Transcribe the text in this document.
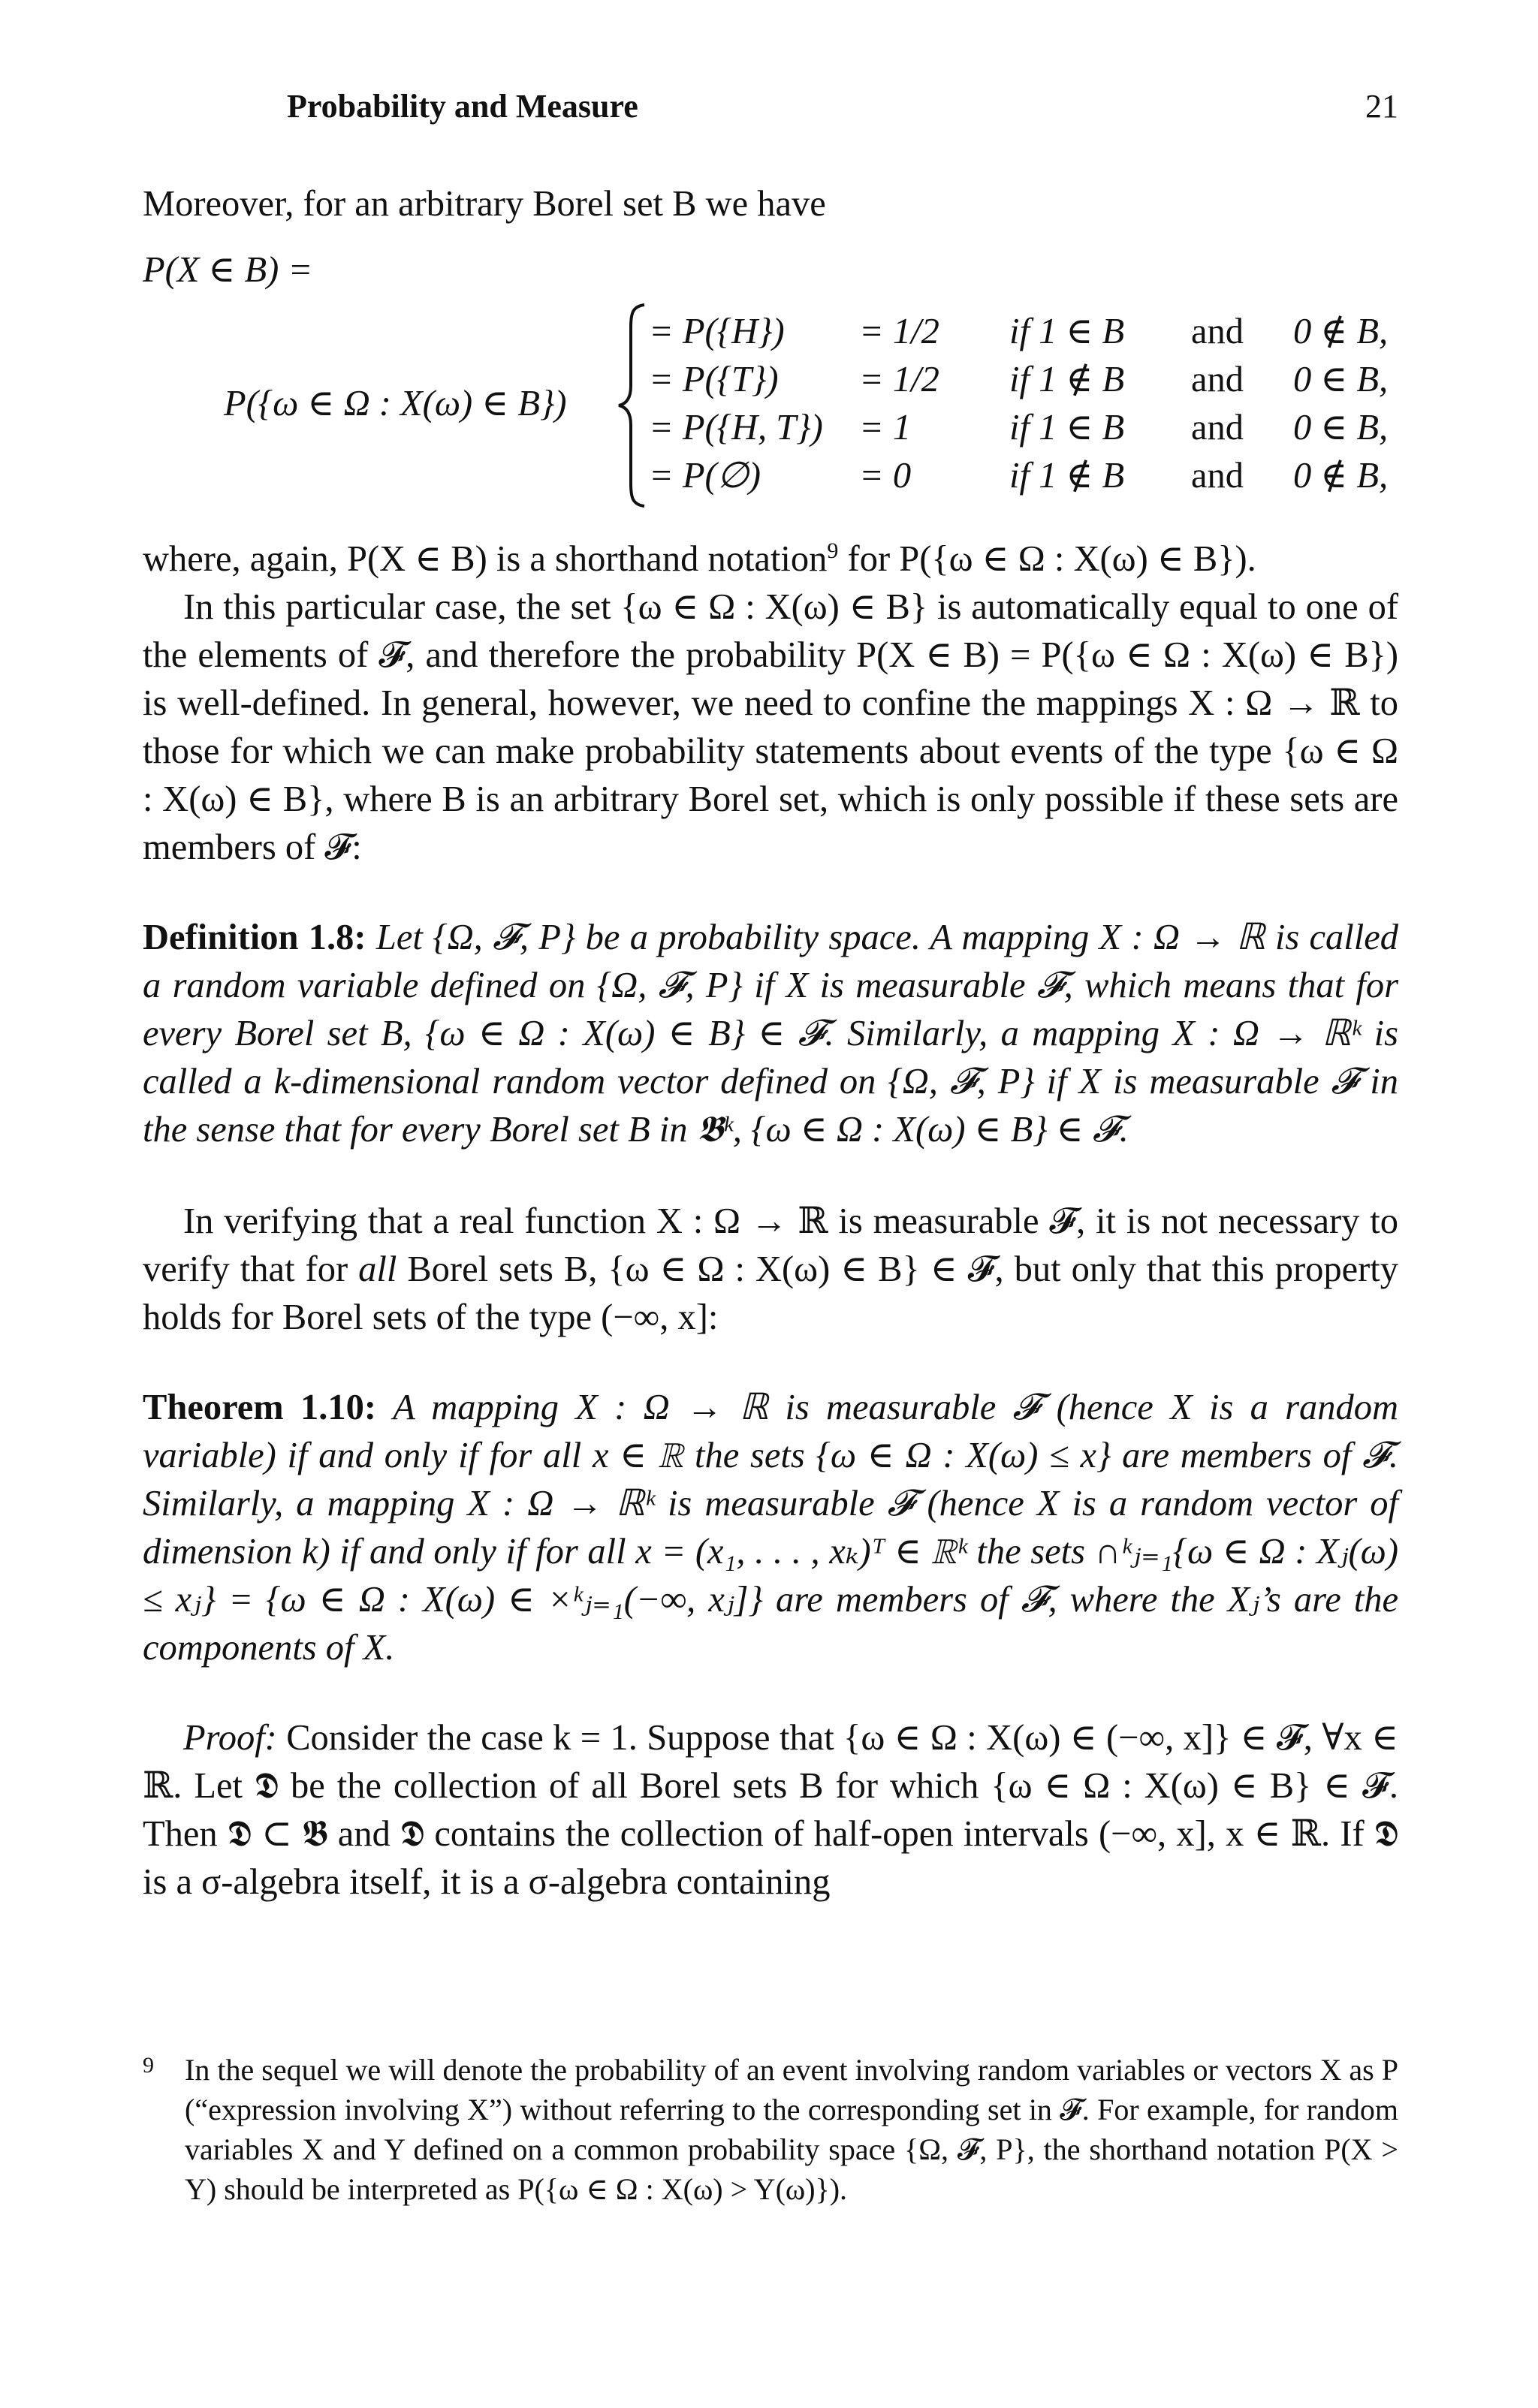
Probability and Measure	21

Moreover, for an arbitrary Borel set B we have

P(X ∈ B) =
P({ω ∈ Ω : X(ω) ∈ B})
= P({H}) = 1/2 if 1 ∈ B and 0 ∉ B,
= P({T}) = 1/2 if 1 ∉ B and 0 ∈ B,
= P({H, T}) = 1	if 1 ∈ B and 0 ∈ B,
= P(∅)	= 0	if 1 ∉ B and 0 ∉ B,

where, again, P(X ∈ B) is a shorthand notation$^9$ for P({ω ∈ Ω : X(ω) ∈ B}).

In this particular case, the set {ω ∈ Ω : X(ω) ∈ B} is automatically equal to one of the elements of 𝓕, and therefore the probability P(X ∈ B) = P({ω ∈ Ω : X(ω) ∈ B}) is well-defined. In general, however, we need to confine the mappings X : Ω → ℝ to those for which we can make probability statements about events of the type {ω ∈ Ω : X(ω) ∈ B}, where B is an arbitrary Borel set, which is only possible if these sets are members of 𝓕:

Definition 1.8: Let {Ω, 𝓕, P} be a probability space. A mapping X : Ω → ℝ is called a random variable defined on {Ω, 𝓕, P} if X is measurable 𝓕, which means that for every Borel set B, {ω ∈ Ω : X(ω) ∈ B} ∈ 𝓕. Similarly, a mapping X : Ω → ℝᵏ is called a k-dimensional random vector defined on {Ω, 𝓕, P} if X is measurable 𝓕 in the sense that for every Borel set B in 𝕭ᵏ, {ω ∈ Ω : X(ω) ∈ B} ∈ 𝓕.

In verifying that a real function X : Ω → ℝ is measurable 𝓕, it is not necessary to verify that for all Borel sets B, {ω ∈ Ω : X(ω) ∈ B} ∈ 𝓕, but only that this property holds for Borel sets of the type (−∞, x]:

Theorem 1.10: A mapping X : Ω → ℝ is measurable 𝓕 (hence X is a random variable) if and only if for all x ∈ ℝ the sets {ω ∈ Ω : X(ω) ≤ x} are members of 𝓕. Similarly, a mapping X : Ω → ℝᵏ is measurable 𝓕 (hence X is a random vector of dimension k) if and only if for all x = (x₁, . . . , xₖ)ᵀ ∈ ℝᵏ the sets ∩ᵏⱼ₌₁{ω ∈ Ω : Xⱼ(ω) ≤ xⱼ} = {ω ∈ Ω : X(ω) ∈ ×ᵏⱼ₌₁(−∞, xⱼ]} are members of 𝓕, where the Xⱼ’s are the components of X.

Proof: Consider the case k = 1. Suppose that {ω ∈ Ω : X(ω) ∈ (−∞, x]} ∈ 𝓕, ∀x ∈ ℝ. Let 𝕯 be the collection of all Borel sets B for which {ω ∈ Ω : X(ω) ∈ B} ∈ 𝓕. Then 𝕯 ⊂ 𝕭 and 𝕯 contains the collection of half-open intervals (−∞, x], x ∈ ℝ. If 𝕯 is a σ-algebra itself, it is a σ-algebra containing

9 In the sequel we will denote the probability of an event involving random variables or vectors X as P (“expression involving X”) without referring to the corresponding set in 𝓕. For example, for random variables X and Y defined on a common probability space {Ω, 𝓕, P}, the shorthand notation P(X > Y) should be interpreted as P({ω ∈ Ω : X(ω) > Y(ω)}).
